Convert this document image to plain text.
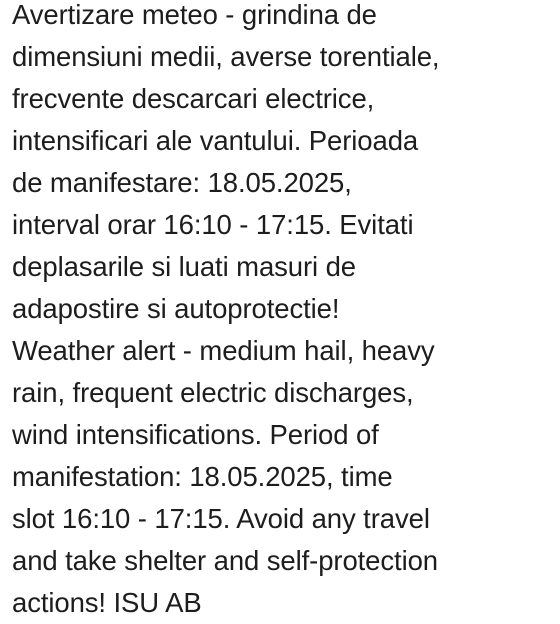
Avertizare meteo - grindina de
dimensiuni medii, averse torentiale,
frecvente descarcari electrice,
intensificari ale vantului. Perioada
de manifestare: 18.05.2025,
interval orar 16:10 - 17:15. Evitati
deplasarile si luati masuri de
adapostire si autoprotectie!
Weather alert - medium hail, heavy
rain, frequent electric discharges,
wind intensifications. Period of
manifestation: 18.05.2025, time
slot 16:10 - 17:15. Avoid any travel
and take shelter and self-protection
actions! ISU AB
